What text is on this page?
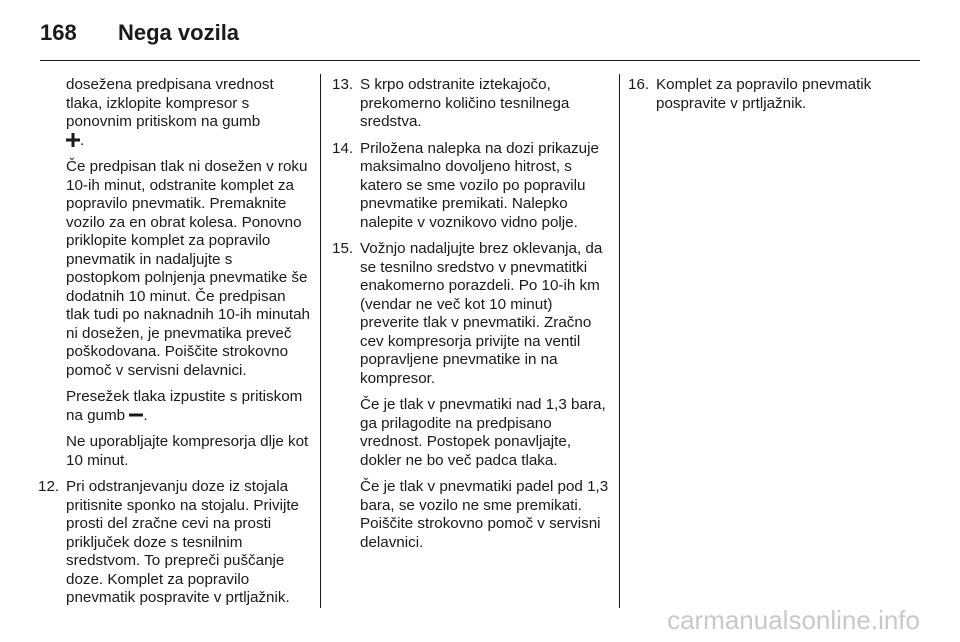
168 Nega vozila

dosežena predpisana vrednost tlaka, izklopite kompresor s ponovnim pritiskom na gumb
.

Če predpisan tlak ni dosežen v roku 10-ih minut, odstranite komplet za popravilo pnevmatik. Premaknite vozilo za en obrat kolesa. Ponovno priklopite komplet za popravilo pnevmatik in nadaljujte s postopkom polnjenja pnevmatike še dodatnih 10 minut. Če predpisan tlak tudi po naknadnih 10-ih minutah ni dosežen, je pnevmatika preveč poškodovana. Poiščite strokovno pomoč v servisni delavnici.

Presežek tlaka izpustite s pritiskom na gumb .

Ne uporabljajte kompresorja dlje kot 10 minut.

12. Pri odstranjevanju doze iz stojala pritisnite sponko na stojalu. Privijte prosti del zračne cevi na prosti priključek doze s tesnilnim sredstvom. To prepreči puščanje doze. Komplet za popravilo pnevmatik pospravite v prtljažnik.

13. S krpo odstranite iztekajočo, prekomerno količino tesnilnega sredstva.

14. Priložena nalepka na dozi prikazuje maksimalno dovoljeno hitrost, s katero se sme vozilo po popravilu pnevmatike premikati. Nalepko nalepite v voznikovo vidno polje.

15. Vožnjo nadaljujte brez oklevanja, da se tesnilno sredstvo v pnevmatitki enakomerno porazdeli. Po 10-ih km (vendar ne več kot 10 minut) preverite tlak v pnevmatiki. Zračno cev kompresorja privijte na ventil popravljene pnevmatike in na kompresor.

Če je tlak v pnevmatiki nad 1,3 bara, ga prilagodite na predpisano vrednost. Postopek ponavljajte, dokler ne bo več padca tlaka.

Če je tlak v pnevmatiki padel pod 1,3 bara, se vozilo ne sme premikati. Poiščite strokovno pomoč v servisni delavnici.

16. Komplet za popravilo pnevmatik pospravite v prtljažnik.

carmanualsonline.info
